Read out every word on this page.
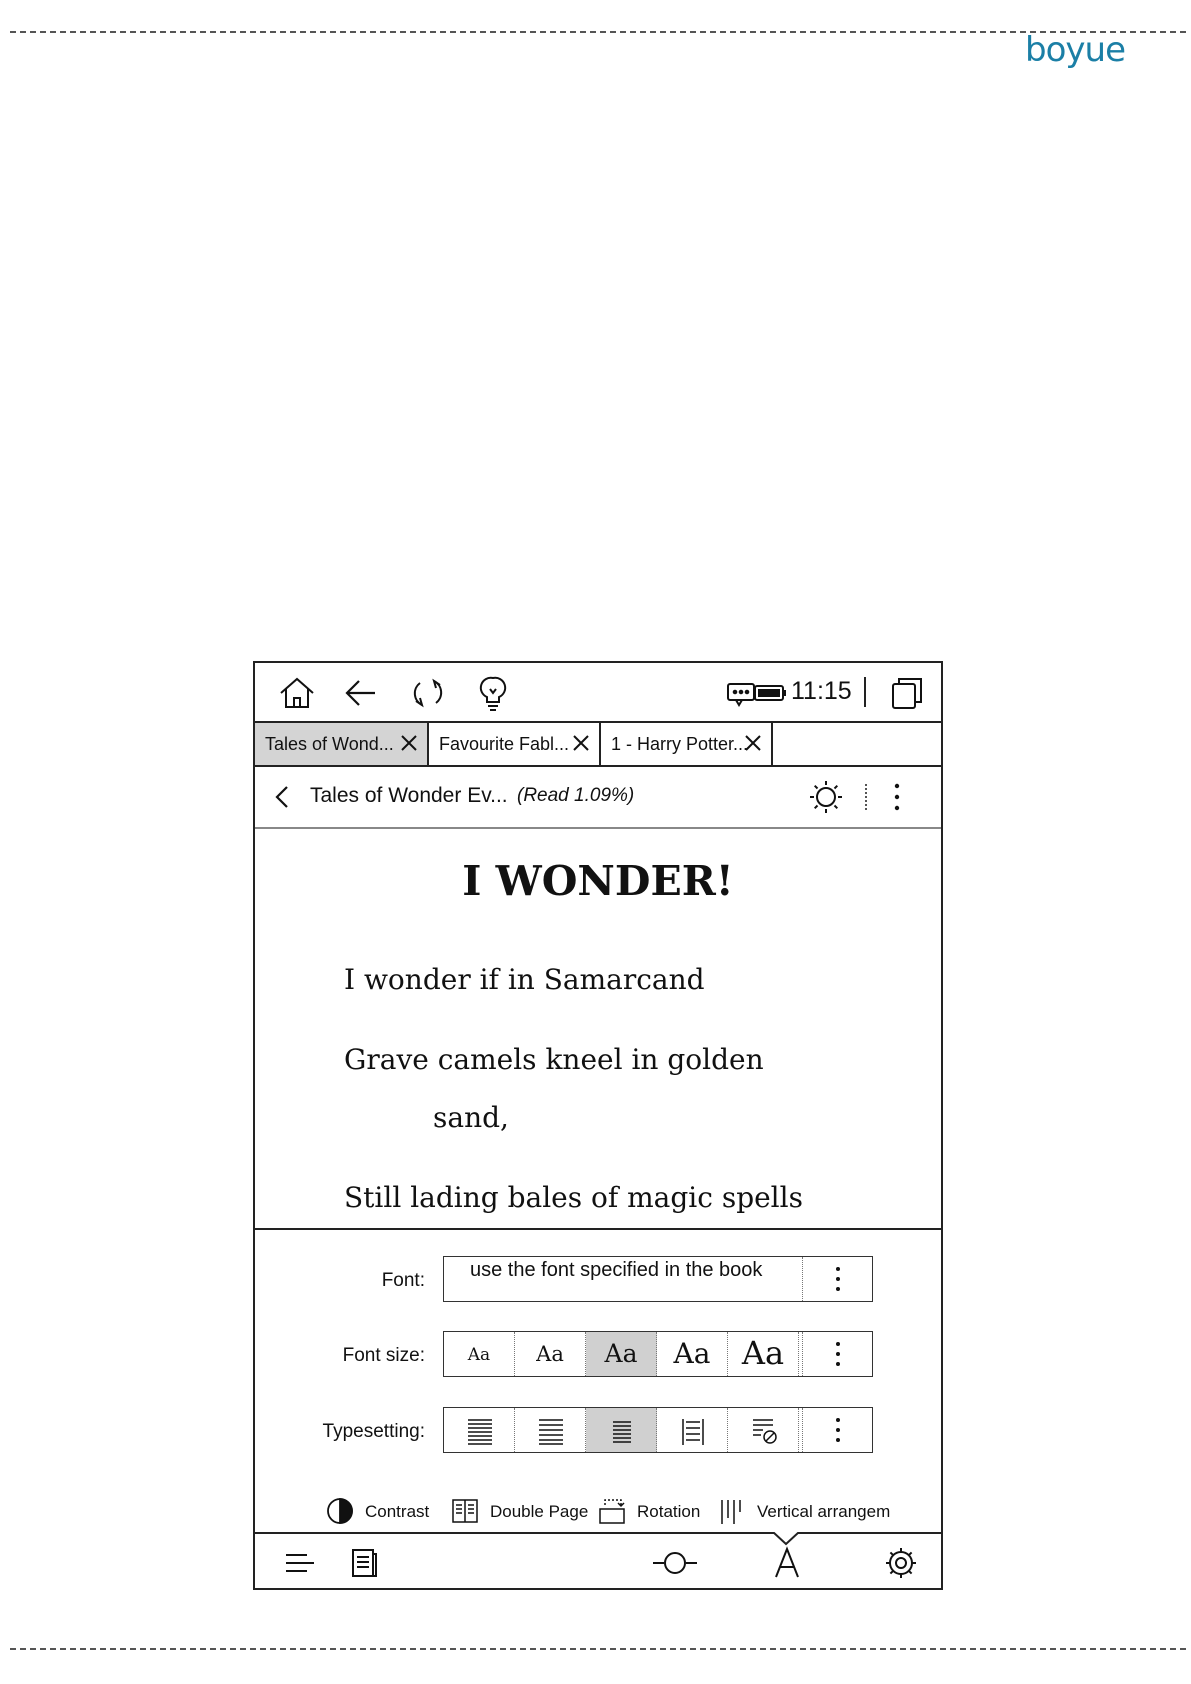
boyue
11:15
Tales of Wond...	Favourite Fabl... 1 - Harry Potter...
Tales of Wonder Ev... (Read 1.09%)
I WONDER!
I wonder if in Samarcand
Grave camels kneel in golden
sand,
Still lading bales of magic spells
Font: use the font specified in the book
Font size:	Aa	Aa	Aa	Aa Aa
Typesetting:
Contrast	Double Page	Rotation	Vertical arrangem
